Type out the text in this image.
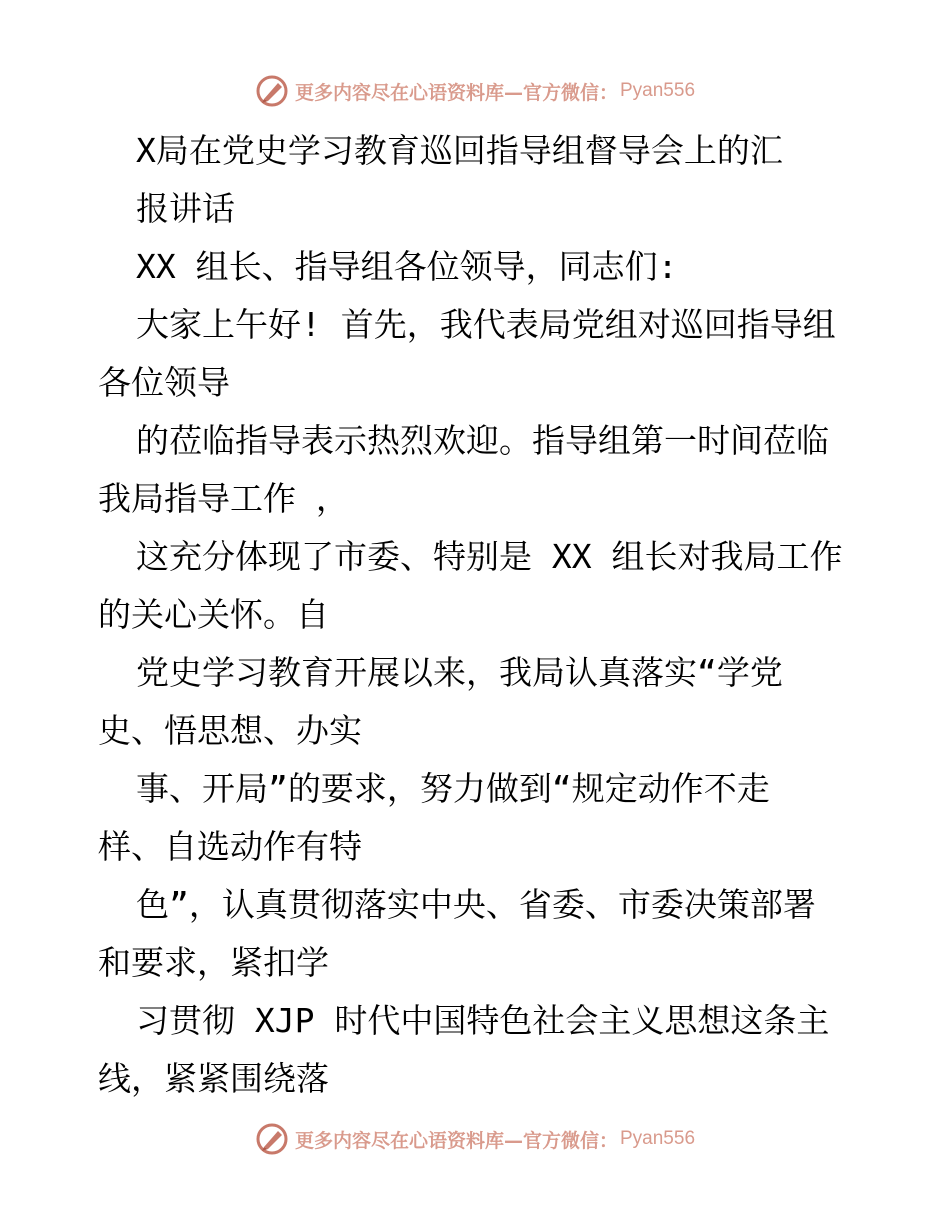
更多内容尽在心语资料库—官方微信： Pyan556
X局在党史学习教育巡回指导组督导会上的汇
报讲话
XX 组长、指导组各位领导，同志们:
大家上午好! 首先，我代表局党组对巡回指导组
各位领导
的莅临指导表示热烈欢迎。指导组第一时间莅临
我局指导工作 ，
这充分体现了市委、特别是 XX 组长对我局工作
的关心关怀。自
党史学习教育开展以来，我局认真落实“学党
史、悟思想、办实
事、开局”的要求，努力做到“规定动作不走
样、自选动作有特
色”，认真贯彻落实中央、省委、市委决策部署
和要求，紧扣学
习贯彻 XJP 时代中国特色社会主义思想这条主
线，紧紧围绕落
更多内容尽在心语资料库—官方微信： Pyan556
